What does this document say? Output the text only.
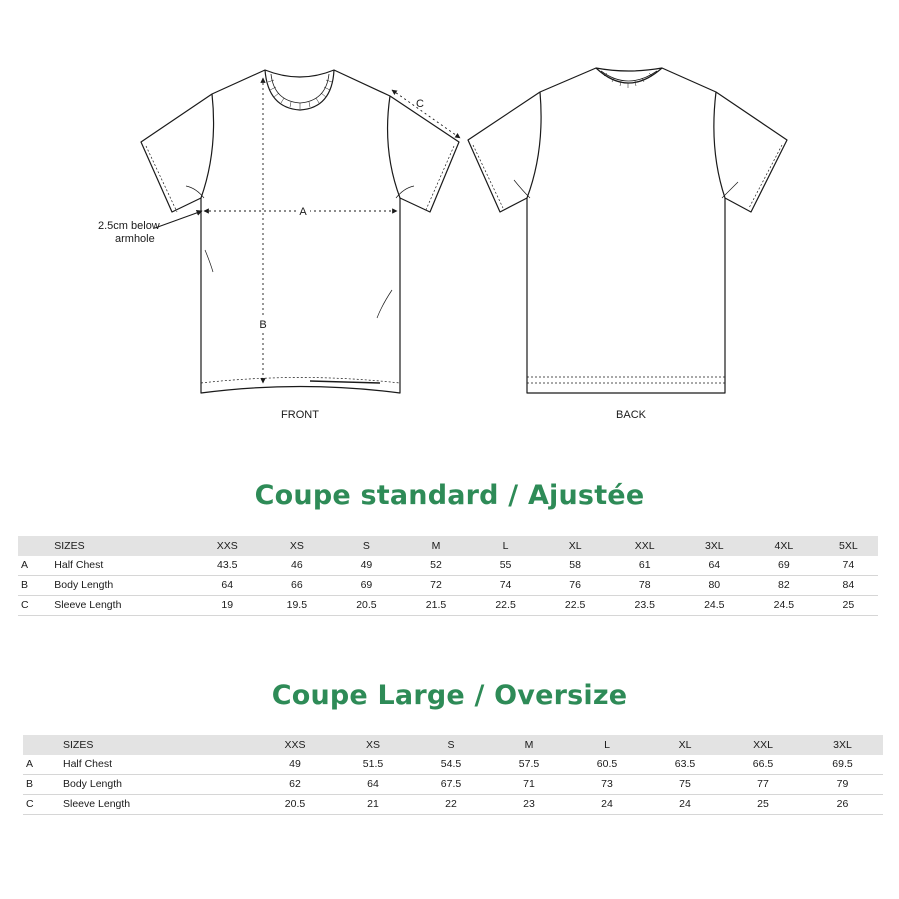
A
B
C
2.5cm below
armhole
FRONT	BACK
Coupe standard / Ajustée
	SIZES	XXS	XS	S	M	L	XL	XXL	3XL	4XL	5XL
A	Half Chest	43.5	46	49	52	55	58	61	64	69	74
B	Body Length	64	66	69	72	74	76	78	80	82	84
C	Sleeve Length	19	19.5	20.5	21.5	22.5	22.5	23.5	24.5	24.5	25
Coupe Large / Oversize
	SIZES	XXS	XS	S	M	L	XL	XXL	3XL
A	Half Chest	49	51.5	54.5	57.5	60.5	63.5	66.5	69.5
B	Body Length	62	64	67.5	71	73	75	77	79
C	Sleeve Length	20.5	21	22	23	24	24	25	26
